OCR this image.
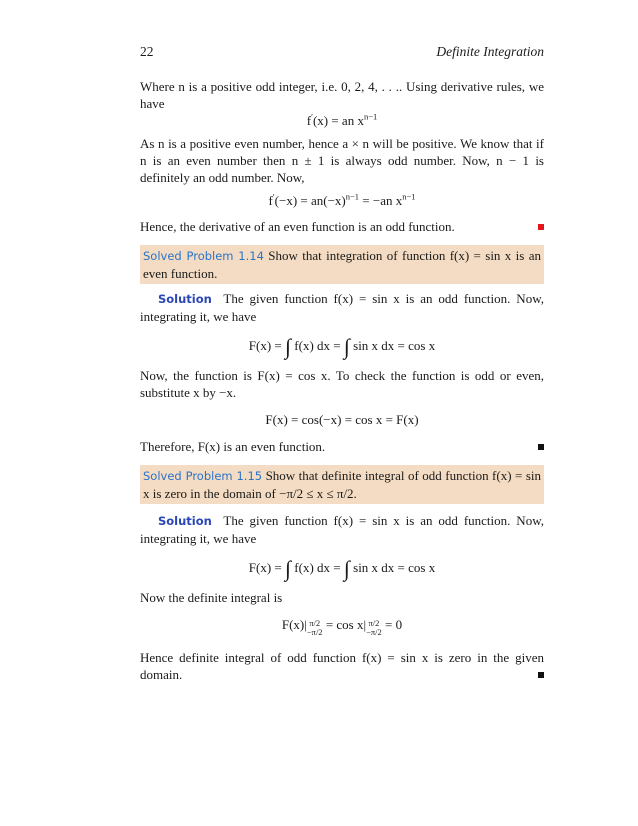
22	Definite Integration

Where n is a positive odd integer, i.e. 0, 2, 4, . . .. Using derivative rules, we have

f′(x) = an $x^{n-1}$

As n is a positive even number, hence a × n will be positive. We know that if n is an even number then n ± 1 is always odd number. Now, n − 1 is definitely an odd number. Now,

$f'(-x) = an(-x)^{n-1} = -an$ $x^{n-1}$

Hence, the derivative of an even function is an odd function.

Solved Problem 1.14 Show that integration of function f(x) = sin x is an even function.

Solution The given function f(x) = sin x is an odd function. Now, integrating it, we have

F(x) = ∫ f(x) dx = ∫ sin x dx = cos x

Now, the function is F(x) = cos x. To check the function is odd or even, substitute x by −x.

F(x) = cos(−x) = cos x = F(x)

Therefore, F(x) is an even function.

Solved Problem 1.15 Show that definite integral of odd function f(x) = sin x is zero in the domain of −π/2 ≤ x ≤ π/2.

Solution The given function f(x) = sin x is an odd function. Now, integrating it, we have

F(x) = ∫ f(x) dx = ∫ sin x dx = cos x

Now the definite integral is

F(x)| π/2
−π/2 = cos x| π/2
−π/2 = 0

Hence definite integral of odd function f(x) = sin x is zero in the given domain.
